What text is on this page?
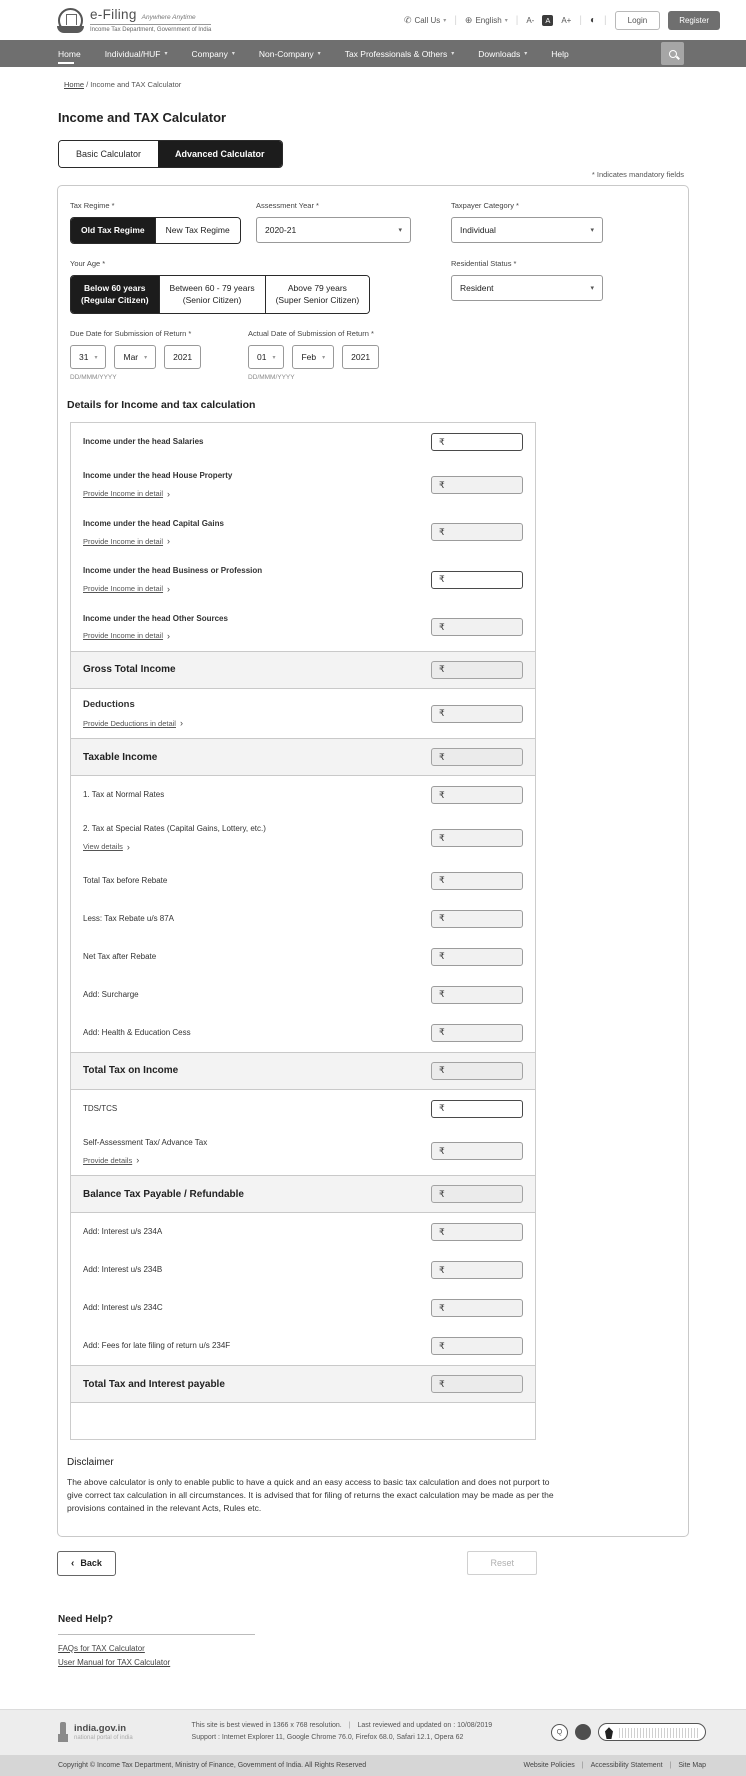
e-Filing Anywhere Anytime
Income Tax Department, Government of India
✆ Call Us ▾ | ⊕ English ▾ | A-	A	A+ | ◐ |	Login	Register
Home	Individual/HUF ▾	Company ▾	Non-Company ▾	Tax Professionals & Others ▾	Downloads ▾	Help
Home / Income and TAX Calculator
Income and TAX Calculator
Basic Calculator	Advanced Calculator
* Indicates mandatory fields
Tax Regime *
Old Tax Regime	New Tax Regime
Assessment Year *
2020-21	▾
Taxpayer Category *
Individual	▾
Your Age *
Below 60 years
(Regular Citizen)
Between 60 - 79 years
(Senior Citizen)
Above 79 years
(Super Senior Citizen)
Residential Status *
Resident	▾
Due Date for Submission of Return *
31 ▾	Mar ▾	2021
DD/MMM/YYYY
Actual Date of Submission of Return *
01 ▾	Feb ▾	2021
DD/MMM/YYYY
Details for Income and tax calculation
Income under the head Salaries	₹
Income under the head House Property
Provide Income in detail ›
₹
Income under the head Capital Gains
Provide Income in detail ›
₹
Income under the head Business or Profession
Provide Income in detail ›
₹
Income under the head Other Sources
Provide Income in detail ›
₹
Gross Total Income	₹
Deductions
Provide Deductions in detail ›
₹
Taxable Income	₹
1. Tax at Normal Rates	₹
2. Tax at Special Rates (Capital Gains, Lottery, etc.)
View details ›
₹
Total Tax before Rebate	₹
Less: Tax Rebate u/s 87A	₹
Net Tax after Rebate	₹
Add: Surcharge	₹
Add: Health & Education Cess	₹
Total Tax on Income	₹
TDS/TCS	₹
Self-Assessment Tax/ Advance Tax
Provide details ›
₹
Balance Tax Payable / Refundable	₹
Add: Interest u/s 234A	₹
Add: Interest u/s 234B	₹
Add: Interest u/s 234C	₹
Add: Fees for late filing of return u/s 234F	₹
Total Tax and Interest payable	₹
Disclaimer
The above calculator is only to enable public to have a quick and an easy access to basic tax calculation and does not purport to give correct tax calculation in all circumstances. It is advised that for filing of returns the exact calculation may be made as per the provisions contained in the relevant Acts, Rules etc.
‹ Back	Reset
Need Help?
FAQs for TAX Calculator
User Manual for TAX Calculator
india.gov.in
national portal of india
This site is best viewed in 1366 x 768 resolution. | Last reviewed and updated on : 10/08/2019
Support : Internet Explorer 11, Google Chrome 76.0, Firefox 68.0, Safari 12.1, Opera 62
Q
Copyright © Income Tax Department, Ministry of Finance, Government of India. All Rights Reserved	Website Policies | Accessibility Statement | Site Map
